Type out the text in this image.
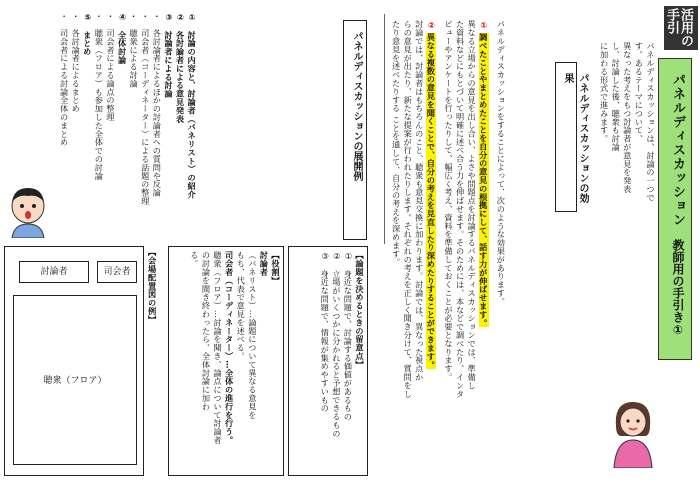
活用の手引
パネルディスカッション
教師用の手引き①
パネルディスカッションは、討論の一つです。あるテーマについて、
異なった考えをもつ討論者が意見を発表し、討論した後、聴衆も討論
に加わる形式で進みます。
パネルディスカッションの効果
パネルディスカッションをすることによって、次のような効果があります。
① 調べたことやまとめたことを自分の意見の根拠にして、話す力が伸ばせます。
異なる立場からの意見を出し合い、よさや問題点を討論するパネルディスカッションでは、準備し
た資料などにもとづいて明確に述べ合う力を伸ばせます。そのためには、本などで調べたり、インタ
ビューやアンケートを行ったりして、幅広く考え、資料を準備しておくことが必要となります。
② 異なる複数の意見を聞くことで、自分の考えを見直したり深めたりすることができます。
討論では、討論者はもちろんのこと、聴衆も意見交換に加わります。討論では、異なった視点か
らの意見が出たり、新たな提案が行われたりします。それぞれの考えを正しく聞き分けて、質問をし
たり意見を述べたりする ことを通して、自分の考えを深めます。
パネルディスカッションの展開例
①　討論の内容と、討論者（パネリスト）の紹介
②　各討論者による意見発表
③　討論者による討論
・　各討論者によるほかの討論者への質問や反論
・　司会者（コーディネーター）による話題の整理
・　聴衆による討論
④　全体討論
・　司会者による論点の整理
・　聴衆（フロア）も参加した全体での討論
⑤　まとめ
・　各討論者によるまとめ
・　司会者による討論全体のまとめ
【論題を決めるときの留意点】
①　身近な問題で、討論する価値があるもの
②　立場がいくつかに分かれると予想できるもの
③　身近な問題で、情報が集めやすいもの
【役割】
討論者
（パネリスト）…論題について異なる意見を
もち、代表で意見を述べる。
司会者（コーディネーター）…全体の進行を行う。
聴衆（フロア）…討論を聞き、論点について討論者
の討論を聞き終わったら、全体討論に加わ
る。
【会場配置図の例】
討論者	司会者
聴衆（フロア）
